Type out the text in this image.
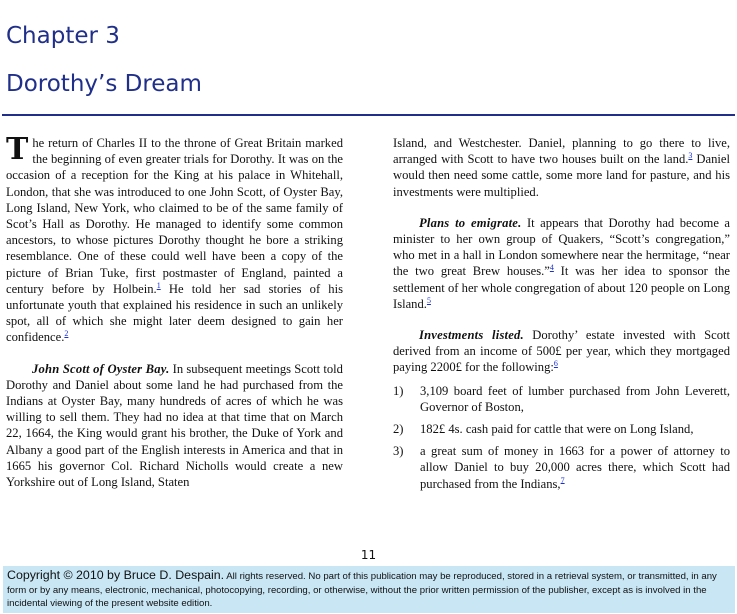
Chapter 3
Dorothy’s Dream

The return of Charles II to the throne of Great Britain marked the beginning of even greater trials for Dorothy. It was on the occasion of a reception for the King at his palace in Whitehall, London, that she was introduced to one John Scott, of Oyster Bay, Long Island, New York, who claimed to be of the same family of Scot’s Hall as Dorothy. He managed to identify some common ancestors, to whose pictures Dorothy thought he bore a striking resemblance. One of these could well have been a copy of the picture of Brian Tuke, first postmaster of England, painted a century before by Holbein.$^1$ He told her sad stories of his unfortunate youth that explained his residence in such an unlikely spot, all of which she might later deem designed to gain her confidence.$^2$

John Scott of Oyster Bay. In subsequent meetings Scott told Dorothy and Daniel about some land he had purchased from the Indians at Oyster Bay, many hundreds of acres of which he was willing to sell them. They had no idea at that time that on March 22, 1664, the King would grant his brother, the Duke of York and Albany a good part of the English interests in America and that in 1665 his governor Col. Richard Nicholls would create a new Yorkshire out of Long Island, Staten

Island, and Westchester. Daniel, planning to go there to live, arranged with Scott to have two houses built on the land.$^3$ Daniel would then need some cattle, some more land for pasture, and his investments were multiplied.

Plans to emigrate. It appears that Dorothy had become a minister to her own group of Quakers, “Scott’s congregation,” who met in a hall in London somewhere near the hermitage, “near the two great Brew houses.”$^4$ It was her idea to sponsor the settlement of her whole congregation of about 120 people on Long Island.$^5$

Investments listed. Dorothy’ estate invested with Scott derived from an income of 500£ per year, which they mortgaged paying 2200£ for the following:$^6$

1) 3,109 board feet of lumber purchased from John Leverett, Governor of Boston,
2) 182£ 4s. cash paid for cattle that were on Long Island,
3) a great sum of money in 1663 for a power of attorney to allow Daniel to buy 20,000 acres there, which Scott had purchased from the Indians,$^7$
11
Copyright © 2010 by Bruce D. Despain. All rights reserved. No part of this publication may be reproduced, stored in a retrieval system, or transmitted, in any form or by any means, electronic, mechanical, photocopying, recording, or otherwise, without the prior written permission of the publisher, except as is involved in the incidental viewing of the present website edition.
